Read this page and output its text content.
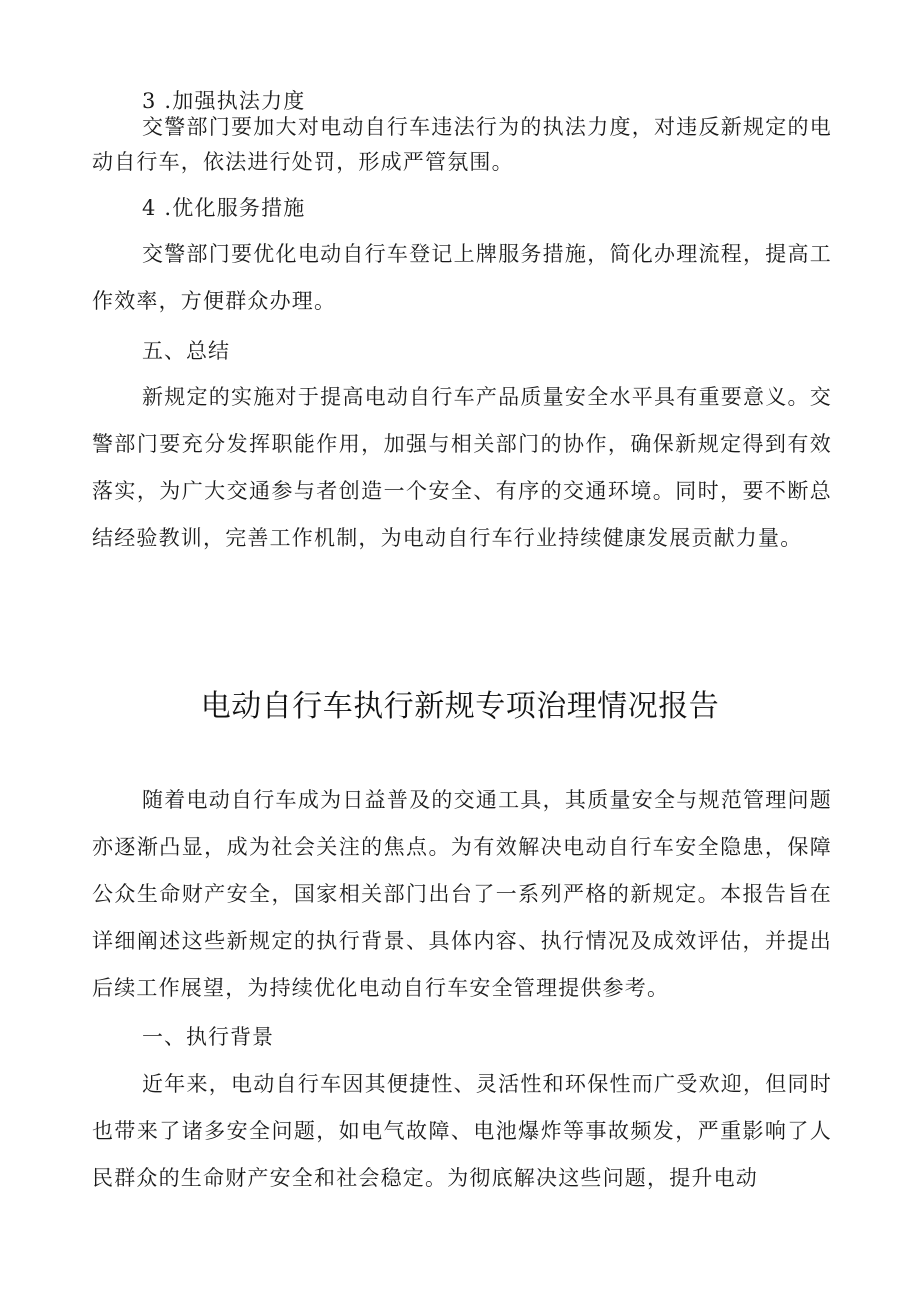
3 .加强执法力度
交警部门要加大对电动自行车违法行为的执法力度，对违反新规定的电动自行车，依法进行处罚，形成严管氛围。
4 .优化服务措施
交警部门要优化电动自行车登记上牌服务措施，简化办理流程，提高工作效率，方便群众办理。
五、总结
新规定的实施对于提高电动自行车产品质量安全水平具有重要意义。交警部门要充分发挥职能作用，加强与相关部门的协作，确保新规定得到有效落实，为广大交通参与者创造一个安全、有序的交通环境。同时，要不断总结经验教训，完善工作机制，为电动自行车行业持续健康发展贡献力量。
电动自行车执行新规专项治理情况报告
随着电动自行车成为日益普及的交通工具，其质量安全与规范管理问题亦逐渐凸显，成为社会关注的焦点。为有效解决电动自行车安全隐患，保障公众生命财产安全，国家相关部门出台了一系列严格的新规定。本报告旨在详细阐述这些新规定的执行背景、具体内容、执行情况及成效评估，并提出后续工作展望，为持续优化电动自行车安全管理提供参考。
一、执行背景
近年来，电动自行车因其便捷性、灵活性和环保性而广受欢迎，但同时也带来了诸多安全问题，如电气故障、电池爆炸等事故频发，严重影响了人民群众的生命财产安全和社会稳定。为彻底解决这些问题，提升电动
